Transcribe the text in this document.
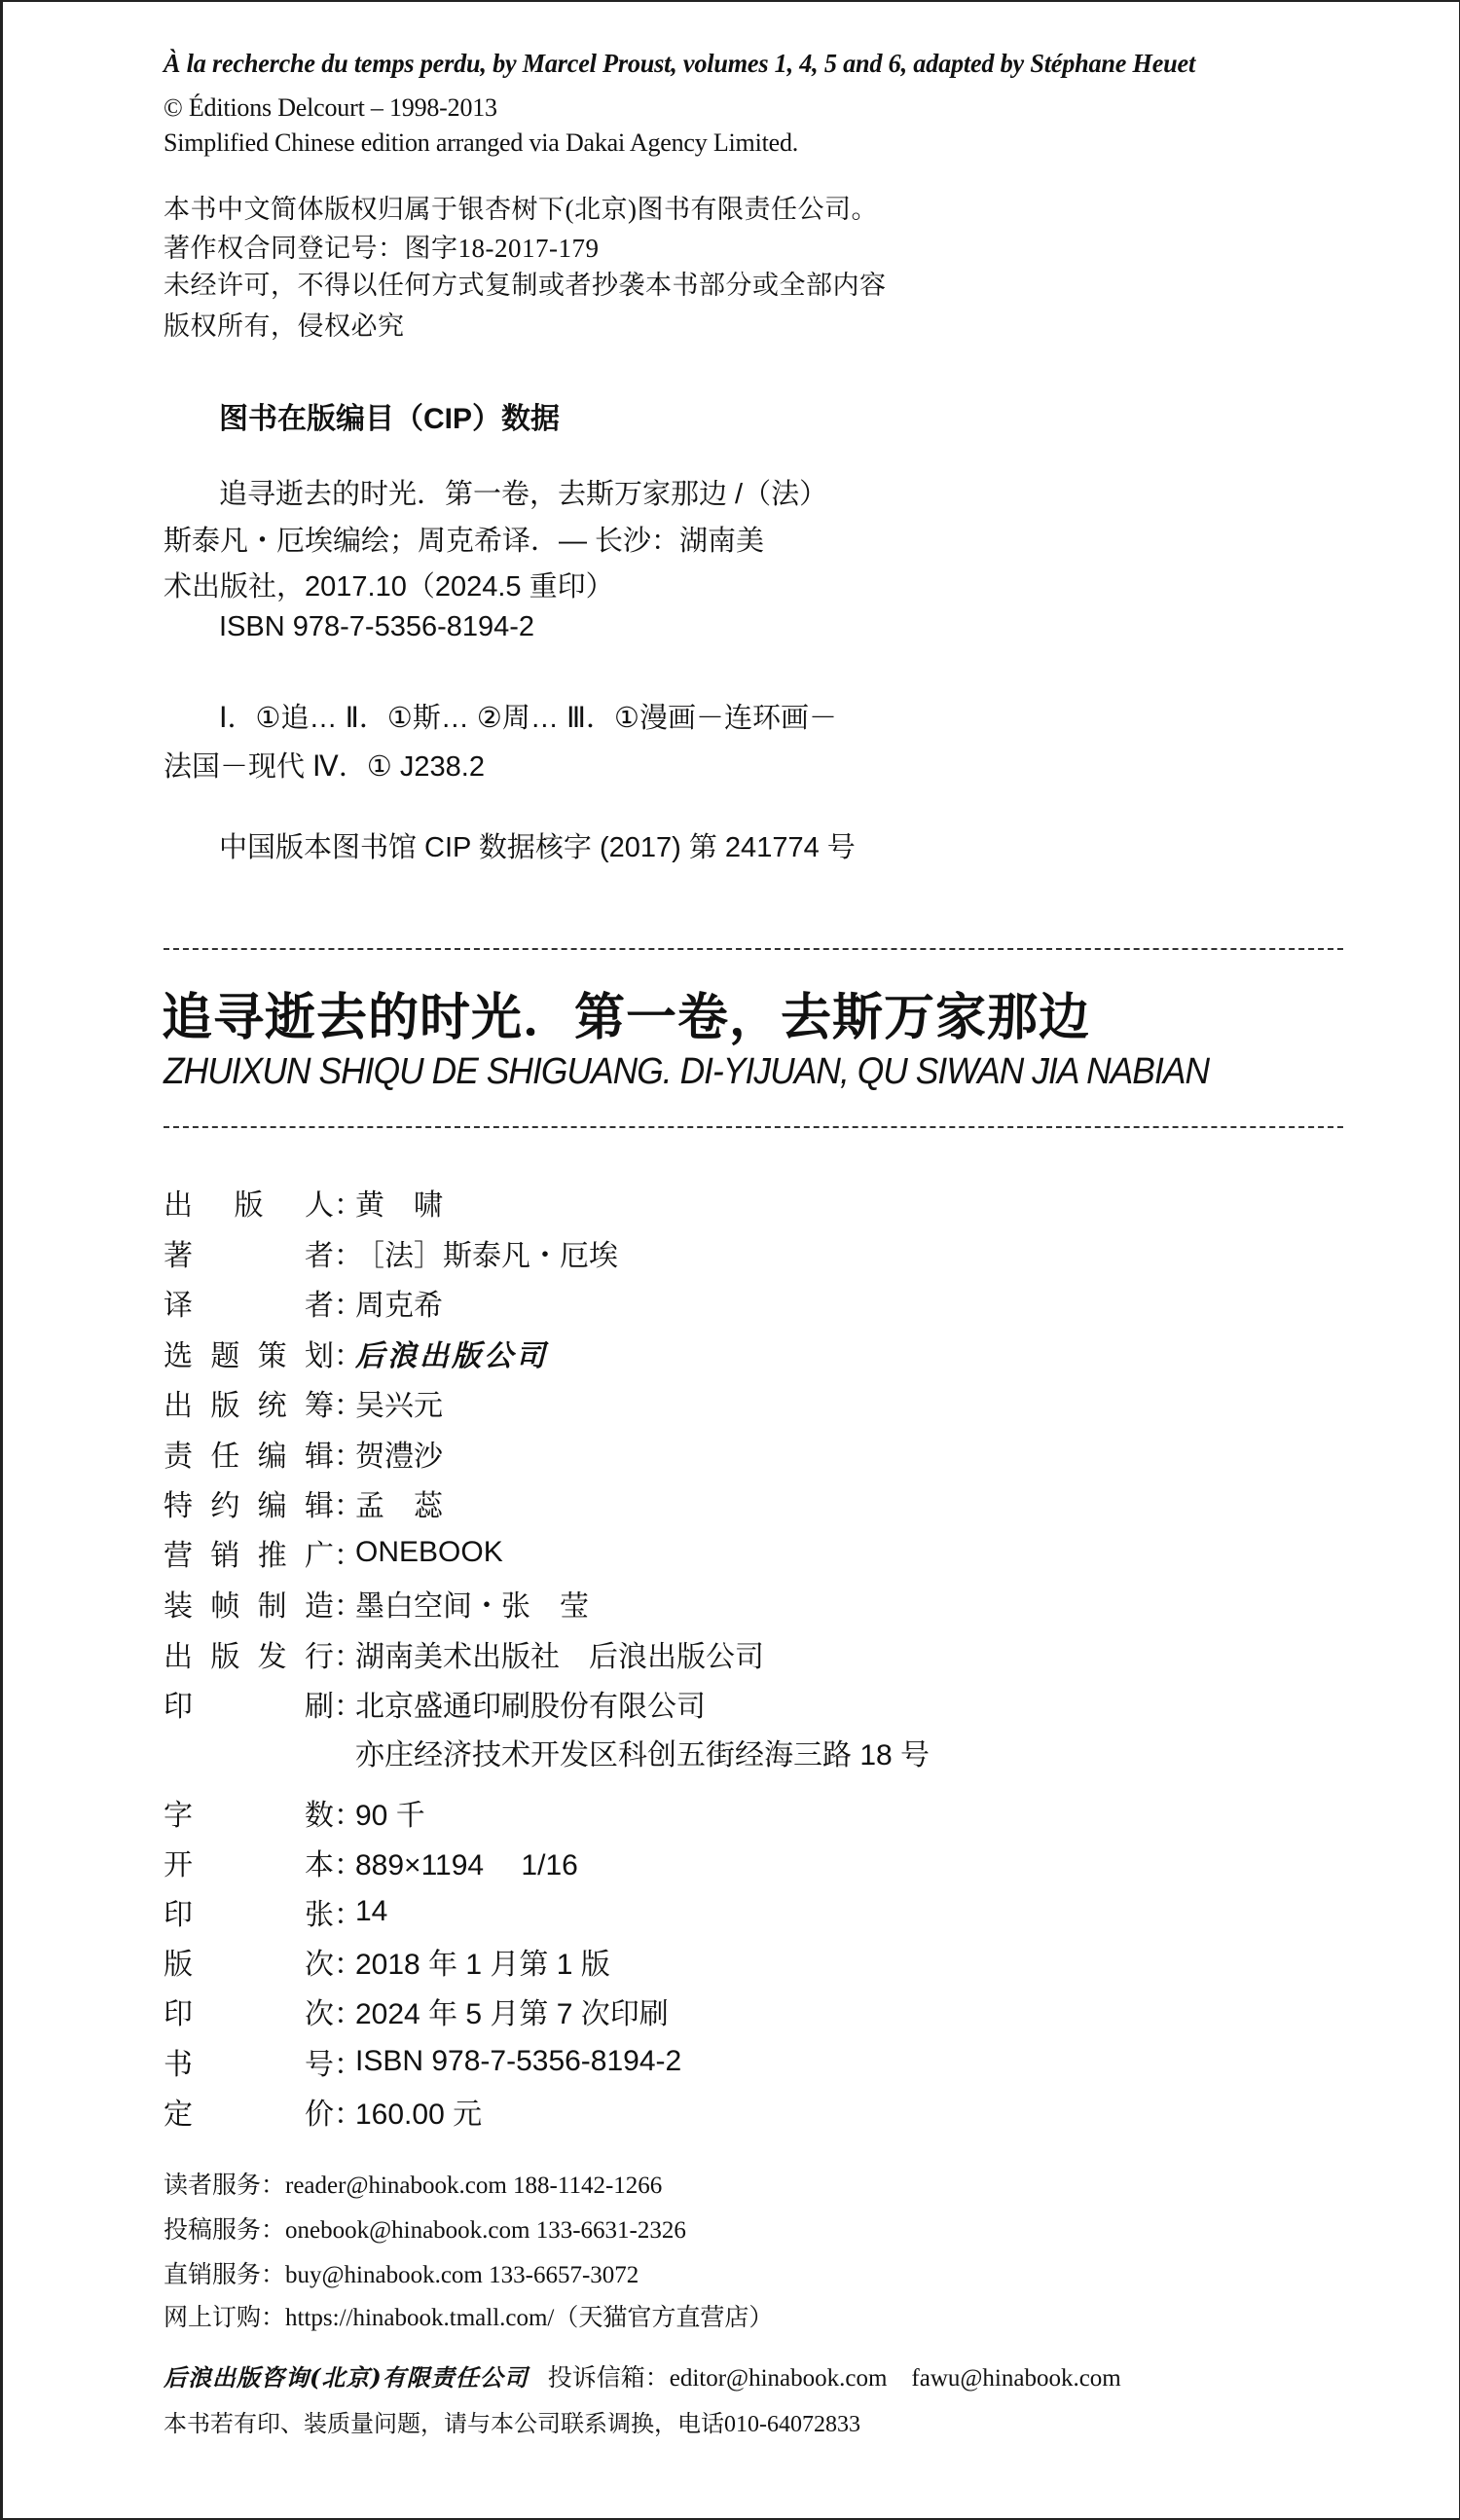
À la recherche du temps perdu, by Marcel Proust, volumes 1, 4, 5 and 6, adapted by Stéphane Heuet
© Éditions Delcourt – 1998-2013
Simplified Chinese edition arranged via Dakai Agency Limited.
本书中文简体版权归属于银杏树下(北京)图书有限责任公司。
著作权合同登记号：图字18-2017-179
未经许可，不得以任何方式复制或者抄袭本书部分或全部内容
版权所有，侵权必究
图书在版编目（CIP）数据
追寻逝去的时光．第一卷，去斯万家那边 /（法）
斯泰凡・厄埃编绘；周克希译．— 长沙：湖南美
术出版社，2017.10（2024.5 重印）
ISBN 978-7-5356-8194-2
Ⅰ．①追… Ⅱ．①斯… ②周… Ⅲ．①漫画－连环画－
法国－现代 Ⅳ．① J238.2
中国版本图书馆 CIP 数据核字 (2017) 第 241774 号
追寻逝去的时光．第一卷，去斯万家那边
ZHUIXUN SHIQU DE SHIGUANG. DI-YIJUAN, QU SIWAN JIA NABIAN
出 版 人 ：
黄　啸
著	者 ：
［法］斯泰凡・厄埃
译	者 ：
周克希
选 题 策 划 ：
后浪出版公司
出 版 统 筹 ：
吴兴元
责 任 编 辑 ：
贺澧沙
特 约 编 辑 ：
孟　蕊
营 销 推 广 ：
ONEBOOK
装 帧 制 造 ：
墨白空间・张　莹
出 版 发 行 ：
湖南美术出版社　后浪出版公司
印	刷 ：
北京盛通印刷股份有限公司
亦庄经济技术开发区科创五街经海三路 18 号
字	数 ：
90 千
开	本 ：
889×1194　 1/16
印	张 ：
14
版	次 ：
2018 年 1 月第 1 版
印	次 ：
2024 年 5 月第 7 次印刷
书	号 ：
ISBN 978-7-5356-8194-2
定	价 ：
160.00 元
读者服务：reader@hinabook.com 188-1142-1266
投稿服务：onebook@hinabook.com 133-6631-2326
直销服务：buy@hinabook.com 133-6657-3072
网上订购：https://hinabook.tmall.com/（天猫官方直营店）
后浪出版咨询(北京)有限责任公司 投诉信箱：editor@hinabook.com　fawu@hinabook.com
本书若有印、装质量问题，请与本公司联系调换，电话010-64072833
